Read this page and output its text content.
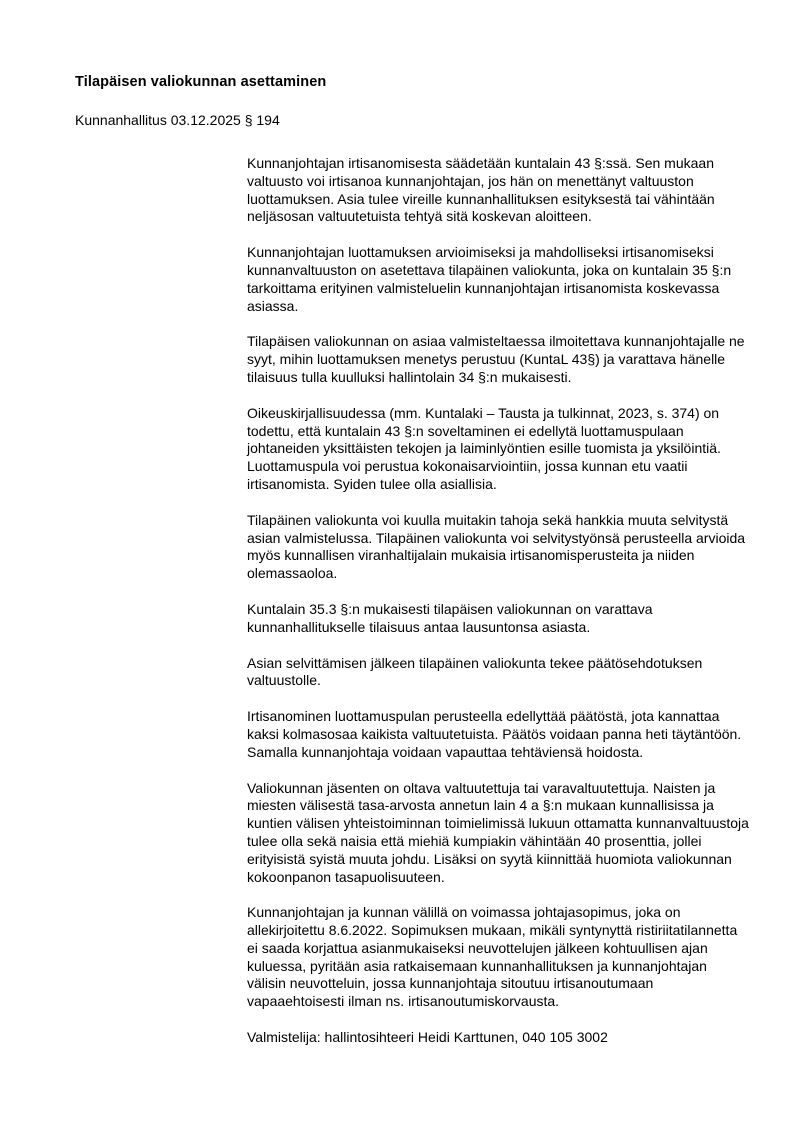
Tilapäisen valiokunnan asettaminen
Kunnanhallitus 03.12.2025 § 194

Kunnanjohtajan irtisanomisesta säädetään kuntalain 43 §:ssä. Sen mukaan valtuusto voi irtisanoa kunnanjohtajan, jos hän on menettänyt valtuuston luottamuksen. Asia tulee vireille kunnanhallituksen esityksestä tai vähintään neljäsosan valtuutetuista tehtyä sitä koskevan aloitteen.

Kunnanjohtajan luottamuksen arvioimiseksi ja mahdolliseksi irtisanomiseksi kunnanvaltuuston on asetettava tilapäinen valiokunta, joka on kuntalain 35 §:n tarkoittama erityinen valmisteluelin kunnanjohtajan irtisanomista koskevassa asiassa.

Tilapäisen valiokunnan on asiaa valmisteltaessa ilmoitettava kunnanjohtajalle ne syyt, mihin luottamuksen menetys perustuu (KuntaL 43§) ja varattava hänelle tilaisuus tulla kuulluksi hallintolain 34 §:n mukaisesti.

Oikeuskirjallisuudessa (mm. Kuntalaki – Tausta ja tulkinnat, 2023, s. 374) on todettu, että kuntalain 43 §:n soveltaminen ei edellytä luottamuspulaan johtaneiden yksittäisten tekojen ja laiminlyöntien esille tuomista ja yksilöintiä. Luottamuspula voi perustua kokonaisarviointiin, jossa kunnan etu vaatii irtisanomista. Syiden tulee olla asiallisia.

Tilapäinen valiokunta voi kuulla muitakin tahoja sekä hankkia muuta selvitystä asian valmistelussa. Tilapäinen valiokunta voi selvitystyönsä perusteella arvioida myös kunnallisen viranhaltijalain mukaisia irtisanomisperusteita ja niiden olemassaoloa.

Kuntalain 35.3 §:n mukaisesti tilapäisen valiokunnan on varattava kunnanhallitukselle tilaisuus antaa lausuntonsa asiasta.

Asian selvittämisen jälkeen tilapäinen valiokunta tekee päätösehdotuksen valtuustolle.

Irtisanominen luottamuspulan perusteella edellyttää päätöstä, jota kannattaa kaksi kolmasosaa kaikista valtuutetuista. Päätös voidaan panna heti täytäntöön. Samalla kunnanjohtaja voidaan vapauttaa tehtäviensä hoidosta.

Valiokunnan jäsenten on oltava valtuutettuja tai varavaltuutettuja. Naisten ja miesten välisestä tasa-arvosta annetun lain 4 a §:n mukaan kunnallisissa ja kuntien välisen yhteistoiminnan toimielimissä lukuun ottamatta kunnanvaltuustoja tulee olla sekä naisia että miehiä kumpiakin vähintään 40 prosenttia, jollei erityisistä syistä muuta johdu. Lisäksi on syytä kiinnittää huomiota valiokunnan kokoonpanon tasapuolisuuteen.

Kunnanjohtajan ja kunnan välillä on voimassa johtajasopimus, joka on allekirjoitettu 8.6.2022. Sopimuksen mukaan, mikäli syntynyttä ristiriitatilannetta ei saada korjattua asianmukaiseksi neuvottelujen jälkeen kohtuullisen ajan kuluessa, pyritään asia ratkaisemaan kunnanhallituksen ja kunnanjohtajan välisin neuvotteluin, jossa kunnanjohtaja sitoutuu irtisanoutumaan vapaaehtoisesti ilman ns. irtisanoutumiskorvausta.

Valmistelija: hallintosihteeri Heidi Karttunen, 040 105 3002
